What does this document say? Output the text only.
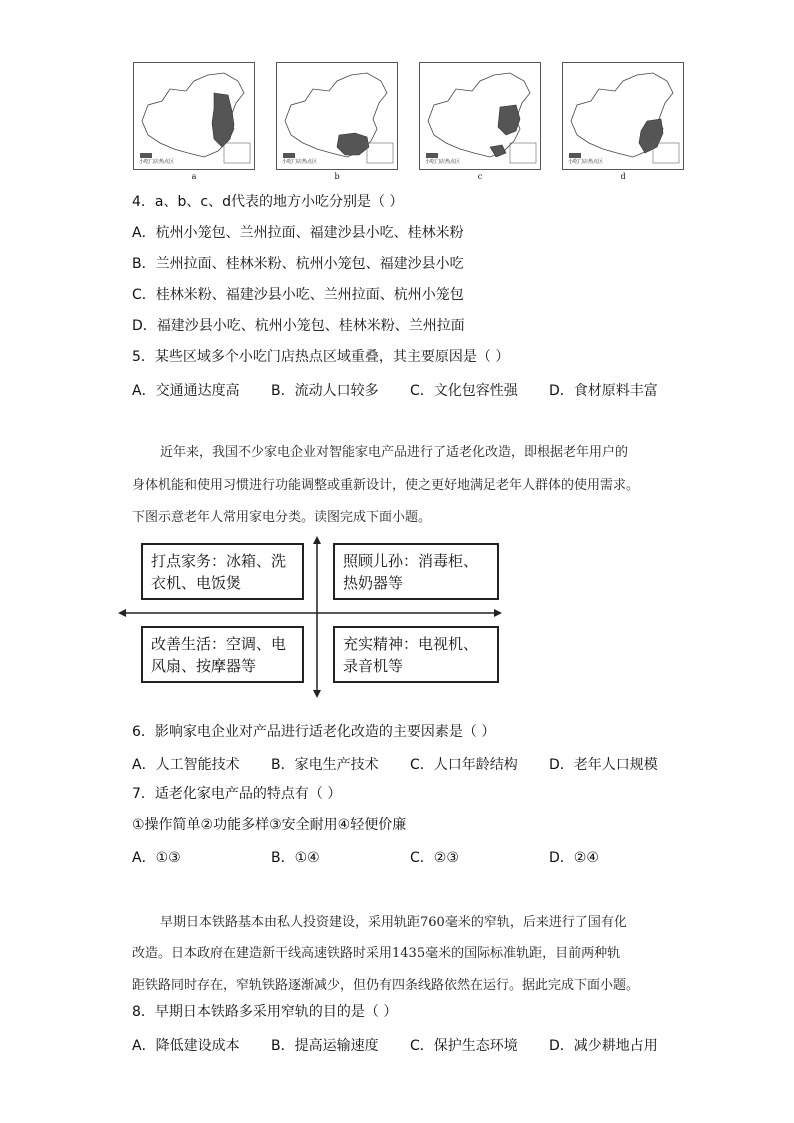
小吃门店热点区
a
小吃门店热点区
b
小吃门店热点区
c
小吃门店热点区
d
4．a、b、c、d代表的地方小吃分别是（ ）
A．杭州小笼包、兰州拉面、福建沙县小吃、桂林米粉
B．兰州拉面、桂林米粉、杭州小笼包、福建沙县小吃
C．桂林米粉、福建沙县小吃、兰州拉面、杭州小笼包
D．福建沙县小吃、杭州小笼包、桂林米粉、兰州拉面
5．某些区域多个小吃门店热点区域重叠，其主要原因是（ ）
A．交通通达度高 B．流动人口较多 C．文化包容性强 D．食材原料丰富
近年来，我国不少家电企业对智能家电产品进行了适老化改造，即根据老年用户的
身体机能和使用习惯进行功能调整或重新设计，使之更好地满足老年人群体的使用需求。
下图示意老年人常用家电分类。读图完成下面小题。
打点家务：冰箱、洗衣机、电饭煲
照顾儿孙：消毒柜、热奶器等
改善生活：空调、电风扇、按摩器等
充实精神：电视机、录音机等
6．影响家电企业对产品进行适老化改造的主要因素是（ ）
A．人工智能技术 B．家电生产技术 C．人口年龄结构 D．老年人口规模
7．适老化家电产品的特点有（ ）
①操作简单②功能多样③安全耐用④轻便价廉
A．①③	B．①④	C．②③	D．②④
早期日本铁路基本由私人投资建设，采用轨距760毫米的窄轨，后来进行了国有化
改造。日本政府在建造新干线高速铁路时采用1435毫米的国际标准轨距，目前两种轨
距铁路同时存在，窄轨铁路逐渐减少，但仍有四条线路依然在运行。据此完成下面小题。
8．早期日本铁路多采用窄轨的目的是（ ）
A．降低建设成本 B．提高运输速度 C．保护生态环境 D．减少耕地占用
